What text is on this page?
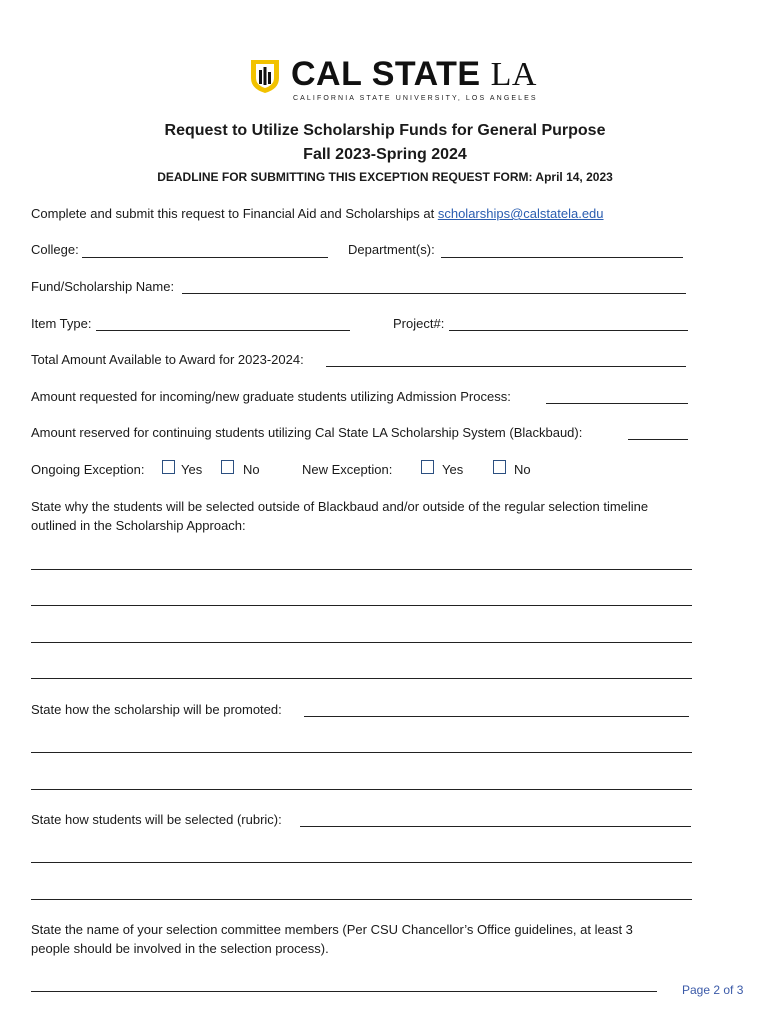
CAL STATE LA
CALIFORNIA STATE UNIVERSITY, LOS ANGELES
Request to Utilize Scholarship Funds for General Purpose
Fall 2023-Spring 2024
DEADLINE FOR SUBMITTING THIS EXCEPTION REQUEST FORM: April 14, 2023
Complete and submit this request to Financial Aid and Scholarships at scholarships@calstatela.edu
College:	Department(s):
Fund/Scholarship Name:
Item Type:	Project#:
Total Amount Available to Award for 2023-2024:
Amount requested for incoming/new graduate students utilizing Admission Process:
Amount reserved for continuing students utilizing Cal State LA Scholarship System (Blackbaud):
Ongoing Exception:	Yes	No	New Exception:	Yes	No
State why the students will be selected outside of Blackbaud and/or outside of the regular selection timeline
outlined in the Scholarship Approach:
State how the scholarship will be promoted:
State how students will be selected (rubric):
State the name of your selection committee members (Per CSU Chancellor’s Office guidelines, at least 3
people should be involved in the selection process).
Page 2 of 3
